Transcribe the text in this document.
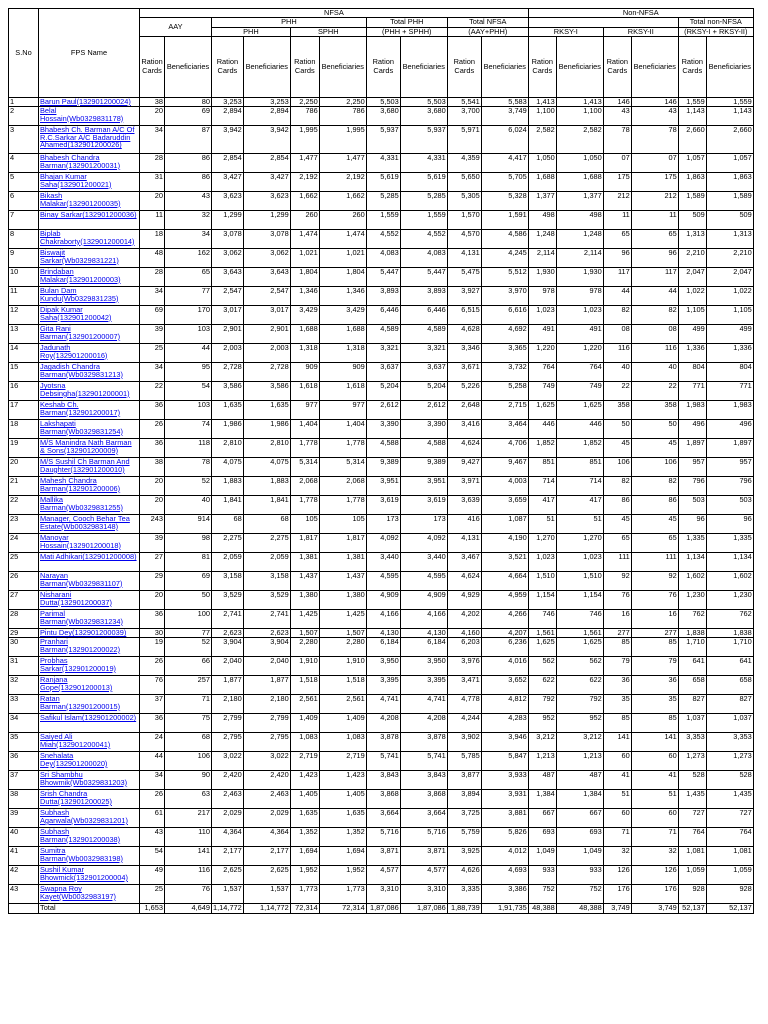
S.No	FPS Name	NFSA										Non-NFSA					
		AAY		PHH				Total PHH		Total NFSA						Total non-NFSA	
				PHH		SPHH		(PHH + SPHH)		(AAY+PHH)		RKSY-I		RKSY-II		(RKSY-I + RKSY-II)	
		Ration Cards	Beneficiaries	Ration Cards	Beneficiaries	Ration Cards	Beneficiaries	Ration Cards	Beneficiaries	Ration Cards	Beneficiaries	Ration Cards	Beneficiaries	Ration Cards	Beneficiaries	Ration Cards	Beneficiaries
1	Barun Paul(132901200024)	38	80	3,253	3,253	2,250	2,250	5,503	5,503	5,541	5,583	1,413	1,413	146	146	1,559	1,559
2	Belal Hossain(Wb0329831178)	20	69	2,894	2,894	786	786	3,680	3,680	3,700	3,749	1,100	1,100	43	43	1,143	1,143
3	Bhabesh Ch. Barman A/C Of R.C.Sarkar A/C Badaruddin Ahamed(132901200026)	34	87	3,942	3,942	1,995	1,995	5,937	5,937	5,971	6,024	2,582	2,582	78	78	2,660	2,660
4	Bhabesh Chandra Barman(132901200031)	28	86	2,854	2,854	1,477	1,477	4,331	4,331	4,359	4,417	1,050	1,050	07	07	1,057	1,057
5	Bhajan Kumar Saha(132901200021)	31	86	3,427	3,427	2,192	2,192	5,619	5,619	5,650	5,705	1,688	1,688	175	175	1,863	1,863
6	Bikash Malakar(132901200035)	20	43	3,623	3,623	1,662	1,662	5,285	5,285	5,305	5,328	1,377	1,377	212	212	1,589	1,589
7	Binay Sarkar(132901200036)	11	32	1,299	1,299	260	260	1,559	1,559	1,570	1,591	498	498	11	11	509	509
8	Biplab Chakraborty(132901200014)	18	34	3,078	3,078	1,474	1,474	4,552	4,552	4,570	4,586	1,248	1,248	65	65	1,313	1,313
9	Biswajit Sarkar(Wb0329831221)	48	162	3,062	3,062	1,021	1,021	4,083	4,083	4,131	4,245	2,114	2,114	96	96	2,210	2,210
10	Brindaban Malakar(132901200003)	28	65	3,643	3,643	1,804	1,804	5,447	5,447	5,475	5,512	1,930	1,930	117	117	2,047	2,047
11	Bulan Dam Kundu(Wb0329831235)	34	77	2,547	2,547	1,346	1,346	3,893	3,893	3,927	3,970	978	978	44	44	1,022	1,022
12	Dipak Kumar Saha(132901200042)	69	170	3,017	3,017	3,429	3,429	6,446	6,446	6,515	6,616	1,023	1,023	82	82	1,105	1,105
13	Gita Rani Barman(132901200007)	39	103	2,901	2,901	1,688	1,688	4,589	4,589	4,628	4,692	491	491	08	08	499	499
14	Jadunath Roy(132901200016)	25	44	2,003	2,003	1,318	1,318	3,321	3,321	3,346	3,365	1,220	1,220	116	116	1,336	1,336
15	Jagadish Chandra Barman(Wb0329831213)	34	95	2,728	2,728	909	909	3,637	3,637	3,671	3,732	764	764	40	40	804	804
16	Jyotsna Debsingha(132901200001)	22	54	3,586	3,586	1,618	1,618	5,204	5,204	5,226	5,258	749	749	22	22	771	771
17	Keshab Ch. Barman(132901200017)	36	103	1,635	1,635	977	977	2,612	2,612	2,648	2,715	1,625	1,625	358	358	1,983	1,983
18	Lakshapati Barman(Wb0329831254)	26	74	1,986	1,986	1,404	1,404	3,390	3,390	3,416	3,464	446	446	50	50	496	496
19	M/S Manindra Nath Barman & Sons(132901200009)	36	118	2,810	2,810	1,778	1,778	4,588	4,588	4,624	4,706	1,852	1,852	45	45	1,897	1,897
20	M/S Sushil Ch Barman And Daughter(132901200010)	38	78	4,075	4,075	5,314	5,314	9,389	9,389	9,427	9,467	851	851	106	106	957	957
21	Mahesh Chandra Barman(132901200006)	20	52	1,883	1,883	2,068	2,068	3,951	3,951	3,971	4,003	714	714	82	82	796	796
22	Mallika Barman(Wb0329831255)	20	40	1,841	1,841	1,778	1,778	3,619	3,619	3,639	3,659	417	417	86	86	503	503
23	Manager, Cooch Behar Tea Estate(Wb0032983148)	243	914	68	68	105	105	173	173	416	1,087	51	51	45	45	96	96
24	Manoyar Hossain(132901200018)	39	98	2,275	2,275	1,817	1,817	4,092	4,092	4,131	4,190	1,270	1,270	65	65	1,335	1,335
25	Mati Adhikari(132901200008)	27	81	2,059	2,059	1,381	1,381	3,440	3,440	3,467	3,521	1,023	1,023	111	111	1,134	1,134
26	Narayan Barman(Wb0329831107)	29	69	3,158	3,158	1,437	1,437	4,595	4,595	4,624	4,664	1,510	1,510	92	92	1,602	1,602
27	Nisharani Dutta(132901200037)	20	50	3,529	3,529	1,380	1,380	4,909	4,909	4,929	4,959	1,154	1,154	76	76	1,230	1,230
28	Parimal Barman(Wb0329831234)	36	100	2,741	2,741	1,425	1,425	4,166	4,166	4,202	4,266	746	746	16	16	762	762
29	Pintu Dey(132901200039)	30	77	2,623	2,623	1,507	1,507	4,130	4,130	4,160	4,207	1,561	1,561	277	277	1,838	1,838
30	Pranhari Barman(132901200022)	19	52	3,904	3,904	2,280	2,280	6,184	6,184	6,203	6,236	1,625	1,625	85	85	1,710	1,710
31	Probhas Sarkar(132901200019)	26	66	2,040	2,040	1,910	1,910	3,950	3,950	3,976	4,016	562	562	79	79	641	641
32	Ranjana Gope(132901200013)	76	257	1,877	1,877	1,518	1,518	3,395	3,395	3,471	3,652	622	622	36	36	658	658
33	Ratan Barman(132901200015)	37	71	2,180	2,180	2,561	2,561	4,741	4,741	4,778	4,812	792	792	35	35	827	827
34	Safikul Islam(132901200002)	36	75	2,799	2,799	1,409	1,409	4,208	4,208	4,244	4,283	952	952	85	85	1,037	1,037
35	Saiyed Ali Miah(132901200041)	24	68	2,795	2,795	1,083	1,083	3,878	3,878	3,902	3,946	3,212	3,212	141	141	3,353	3,353
36	Snehalata Dey(132901200020)	44	106	3,022	3,022	2,719	2,719	5,741	5,741	5,785	5,847	1,213	1,213	60	60	1,273	1,273
37	Sri Shambhu Bhowmik(Wb0329831203)	34	90	2,420	2,420	1,423	1,423	3,843	3,843	3,877	3,933	487	487	41	41	528	528
38	Srish Chandra Dutta(132901200025)	26	63	2,463	2,463	1,405	1,405	3,868	3,868	3,894	3,931	1,384	1,384	51	51	1,435	1,435
39	Subhash Agarwala(Wb0329831201)	61	217	2,029	2,029	1,635	1,635	3,664	3,664	3,725	3,881	667	667	60	60	727	727
40	Subhash Barman(132901200038)	43	110	4,364	4,364	1,352	1,352	5,716	5,716	5,759	5,826	693	693	71	71	764	764
41	Sumitra Barman(Wb0032983198)	54	141	2,177	2,177	1,694	1,694	3,871	3,871	3,925	4,012	1,049	1,049	32	32	1,081	1,081
42	Sushil Kumar Bhowmick(132901200004)	49	116	2,625	2,625	1,952	1,952	4,577	4,577	4,626	4,693	933	933	126	126	1,059	1,059
43	Swapna Roy Kayet(Wb0032983197)	25	76	1,537	1,537	1,773	1,773	3,310	3,310	3,335	3,386	752	752	176	176	928	928
	Total	1,653	4,649	1,14,772	1,14,772	72,314	72,314	1,87,086	1,87,086	1,88,739	1,91,735	48,388	48,388	3,749	3,749	52,137	52,137
